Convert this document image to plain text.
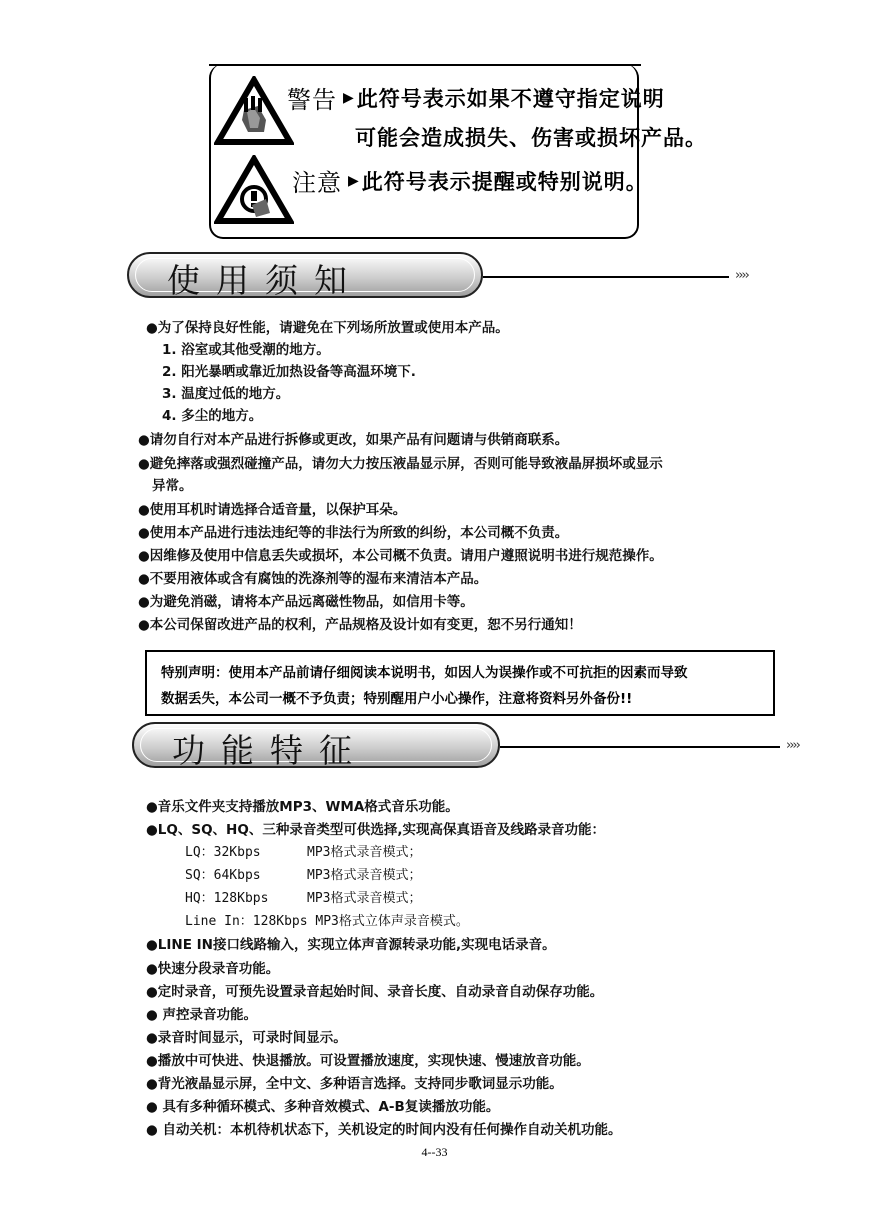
警告 ▶ 此符号表示如果不遵守指定说明
可能会造成损失、伤害或损坏产品。
注意 ▶ 此符号表示提醒或特别说明。
使用须知	››››
●为了保持良好性能，请避免在下列场所放置或使用本产品。
1. 浴室或其他受潮的地方。
2. 阳光暴晒或靠近加热设备等高温环境下.
3. 温度过低的地方。
4. 多尘的地方。
●请勿自行对本产品进行拆修或更改，如果产品有问题请与供销商联系。
●避免摔落或强烈碰撞产品，请勿大力按压液晶显示屏，否则可能导致液晶屏损坏或显示
异常。
●使用耳机时请选择合适音量，以保护耳朵。
●使用本产品进行违法违纪等的非法行为所致的纠纷，本公司概不负责。
●因维修及使用中信息丢失或损坏，本公司概不负责。请用户遵照说明书进行规范操作。
●不要用液体或含有腐蚀的洗涤剂等的湿布来清洁本产品。
●为避免消磁，请将本产品远离磁性物品，如信用卡等。
●本公司保留改进产品的权利，产品规格及设计如有变更，恕不另行通知！
特别声明：使用本产品前请仔细阅读本说明书，如因人为误操作或不可抗拒的因素而导致
数据丢失，本公司一概不予负责；特别醒用户小心操作，注意将资料另外备份!!
功能特征	››››
●音乐文件夹支持播放MP3、WMA格式音乐功能。
●LQ、SQ、HQ、三种录音类型可供选择,实现高保真语音及线路录音功能：
LQ：32Kbps	MP3格式录音模式；
SQ：64Kbps	MP3格式录音模式；
HQ：128Kbps	MP3格式录音模式；
Line In：128Kbps MP3格式立体声录音模式。
●LINE IN接口线路输入，实现立体声音源转录功能,实现电话录音。
●快速分段录音功能。
●定时录音，可预先设置录音起始时间、录音长度、自动录音自动保存功能。
● 声控录音功能。
●录音时间显示，可录时间显示。
●播放中可快进、快退播放。可设置播放速度，实现快速、慢速放音功能。
●背光液晶显示屏，全中文、多种语言选择。支持同步歌词显示功能。
● 具有多种循环模式、多种音效模式、A-B复读播放功能。
● 自动关机：本机待机状态下，关机设定的时间内没有任何操作自动关机功能。
4--33
